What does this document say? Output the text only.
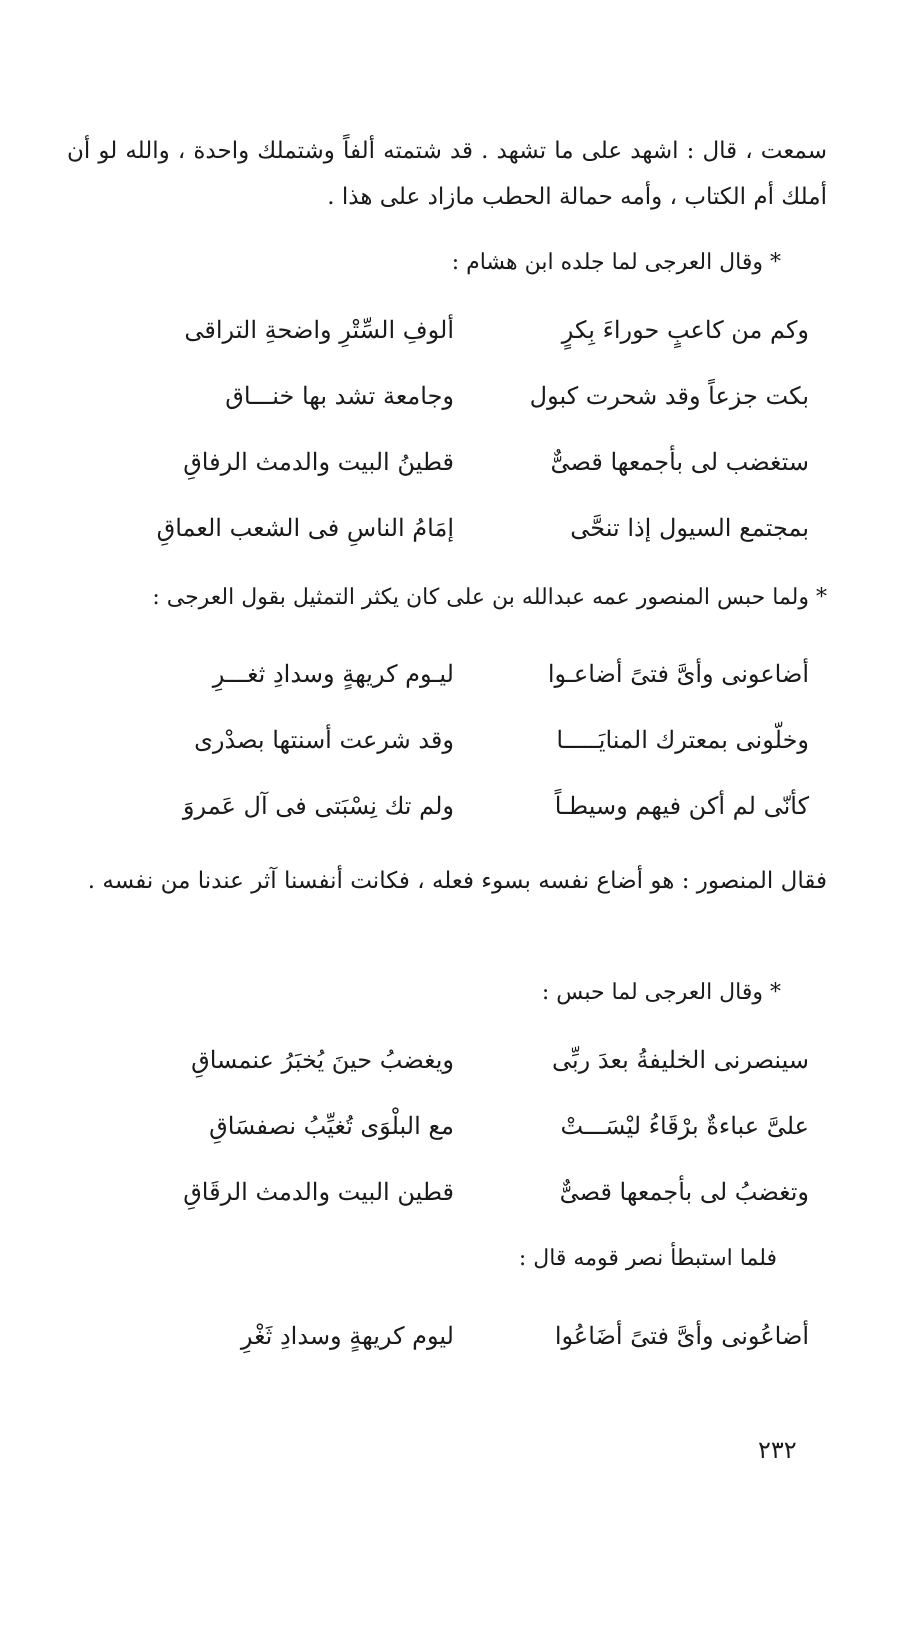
سمعت ، قال : اشهد على ما تشهد . قد شتمته ألفاً وشتملك واحدة ، والله لو أن أملك أم الكتاب ، وأمه حمالة الحطب مازاد على هذا .
* وقال العرجى لما جلده ابن هشام :
وكم من كاعبٍ حوراءَ بِكرٍ
ألوفِ السِّتْرِ واضحةِ التراقى
بكت جزعاً وقد شحرت كبول
وجامعة تشد بها خنـــاق
ستغضب لى بأجمعها قصىٌّ
قطينُ البيت والدمث الرفاقِ
بمجتمع السيول إذا تنحَّى
إمَامُ الناسِ فى الشعب العماقِ
* ولما حبس المنصور عمه عبدالله بن على كان يكثر التمثيل بقول العرجى :
أضاعونى وأىَّ فتىً أضاعـوا
ليـوم كريهةٍ وسدادِ ثغـــرِ
وخلّونى بمعترك المنايَـــــا
وقد شرعت أسنتها بصدْرى
كأنّى لم أكن فيهم وسيطـاً
ولم تك نِسْبَتى فى آل عَمروَ
فقال المنصور : هو أضاع نفسه بسوء فعله ، فكانت أنفسنا آثر عندنا من نفسه .
* وقال العرجى لما حبس :
سينصرنى الخليفةُ بعدَ ربِّى
ويغضبُ حينَ يُخبَرُ عنمساقِ
علىَّ عباءةٌ برْقَاءُ ليْسَـــتْ
مع البلْوَى تُغيِّبُ نصفسَاقِ
وتغضبُ لى بأجمعها قصىٌّ
قطين البيت والدمث الرقَاقِ
فلما استبطأ نصر قومه قال :
أضاعُونى وأىَّ فتىً أضَاعُوا
ليوم كريهةٍ وسدادِ ثَغْرِ
٢٣٢
